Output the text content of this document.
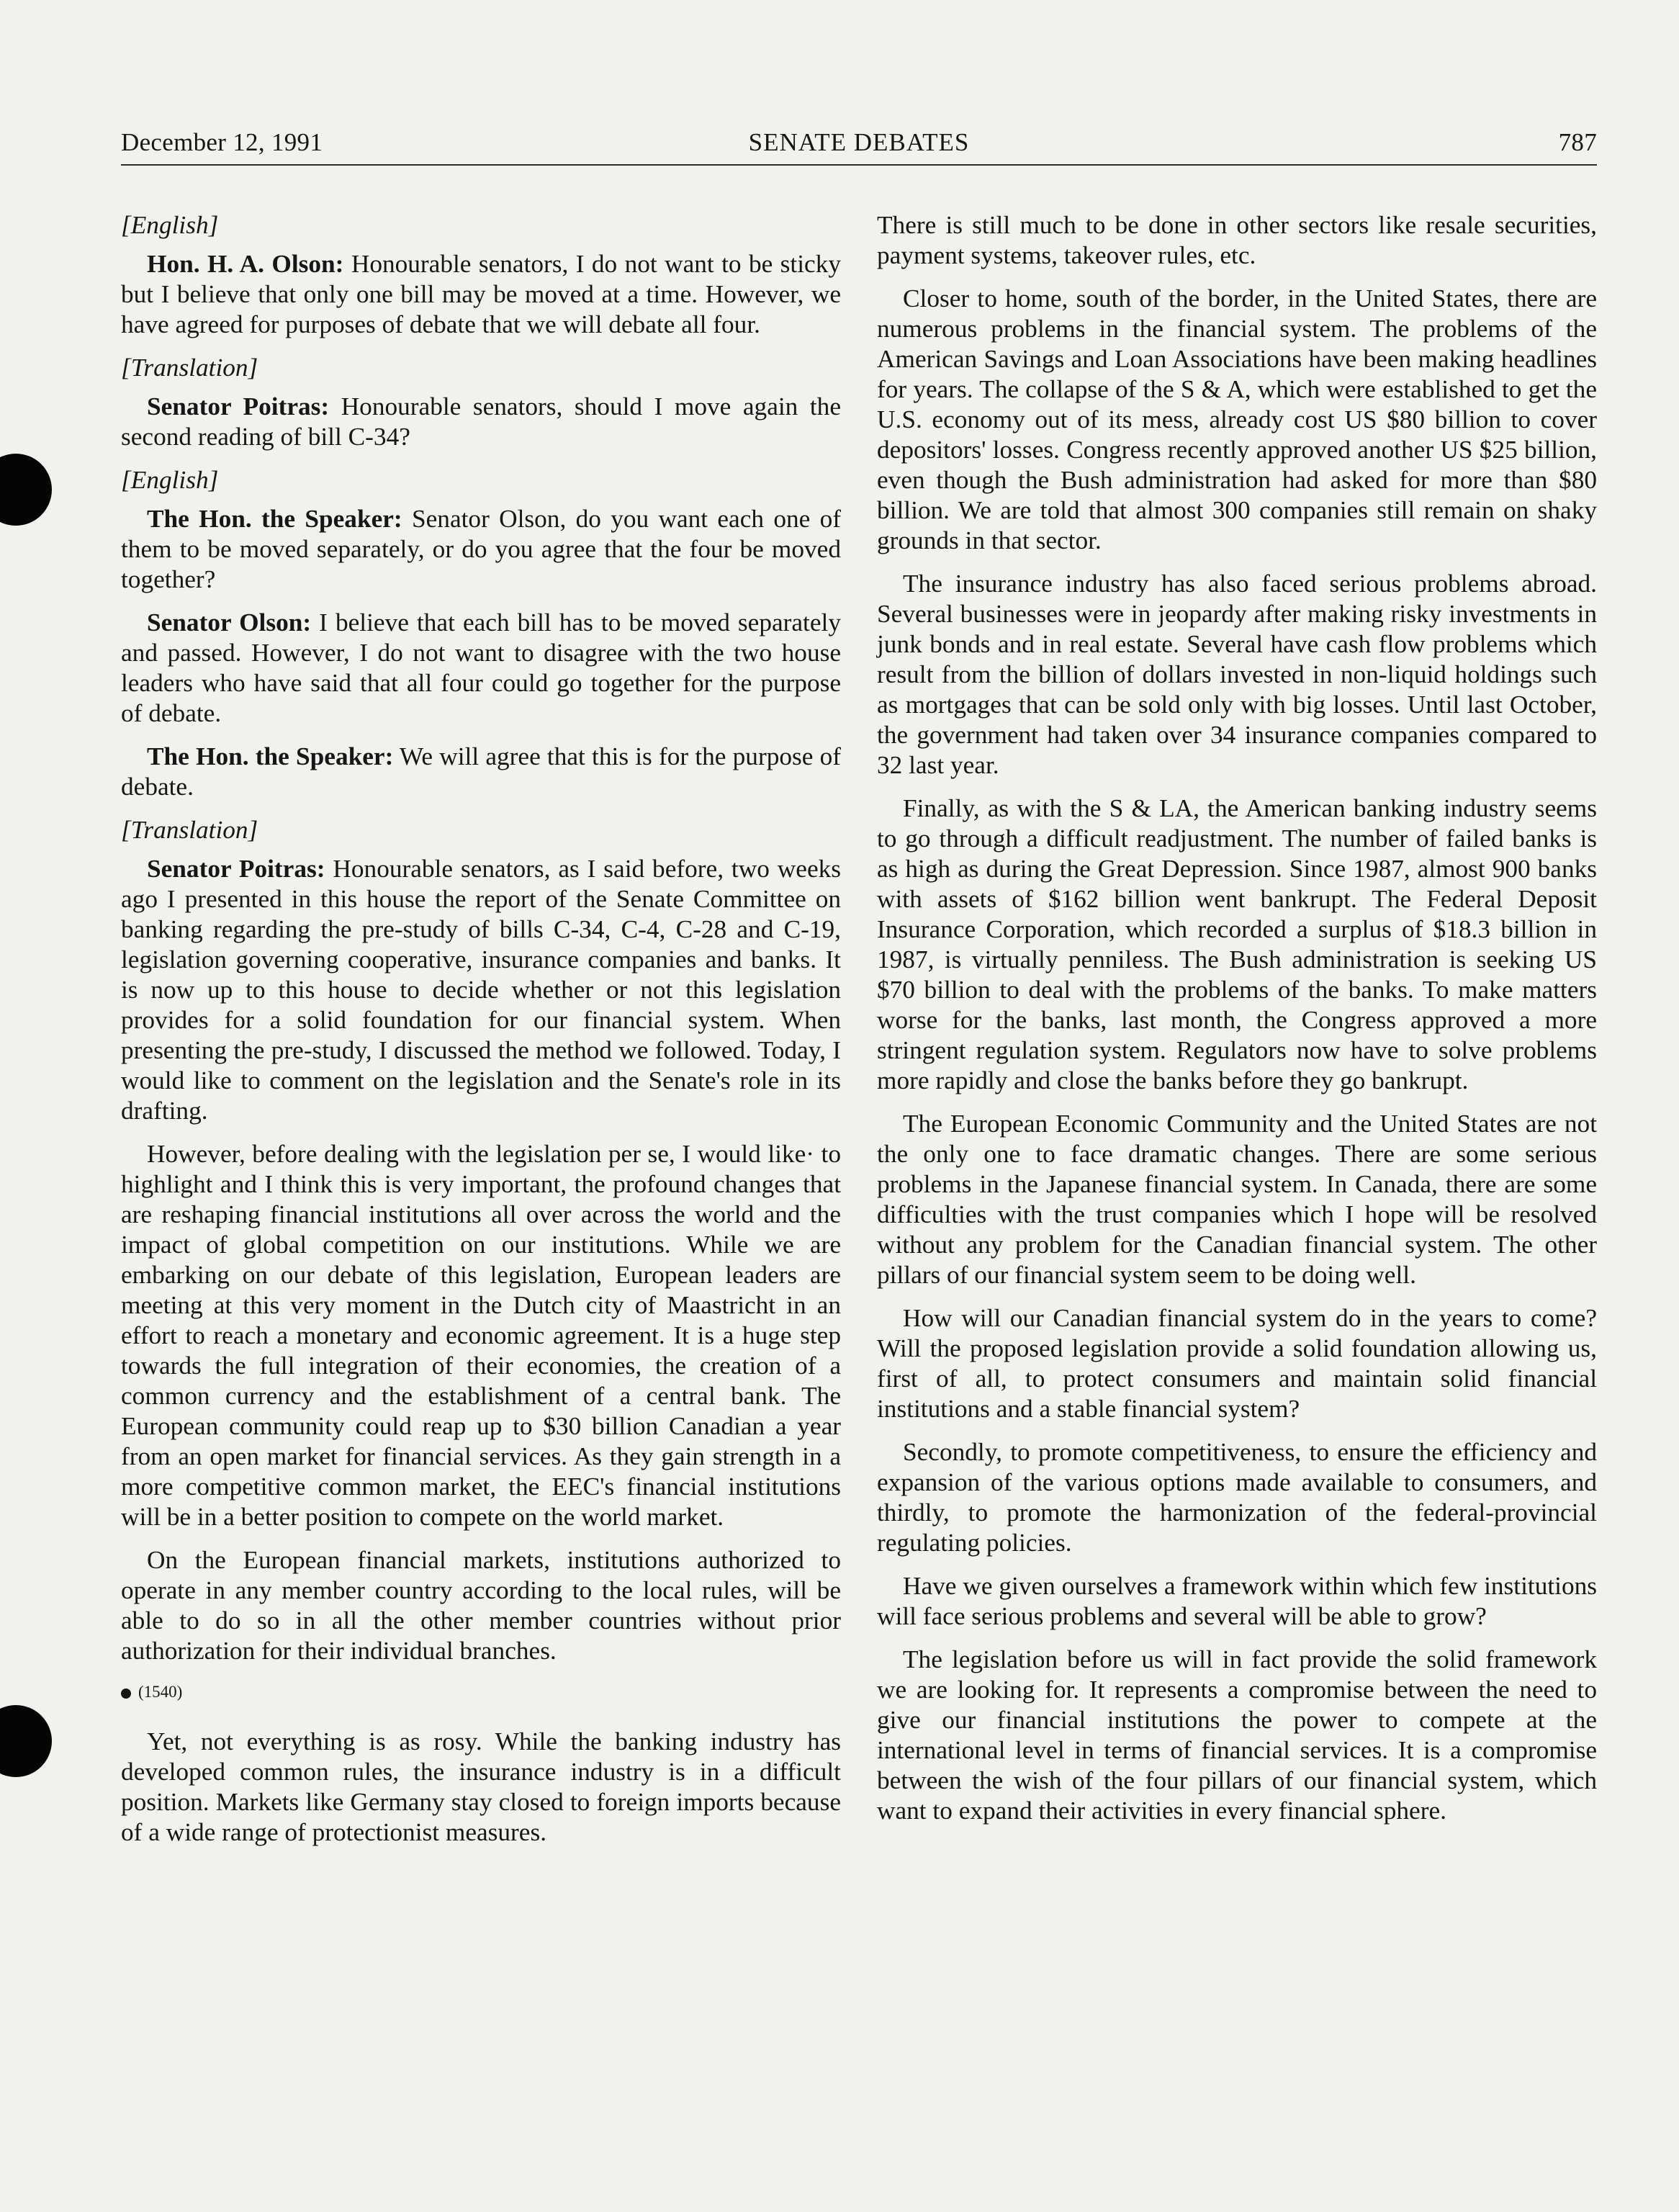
December 12, 1991	SENATE DEBATES	787
[English]

Hon. H. A. Olson: Honourable senators, I do not want to be sticky but I believe that only one bill may be moved at a time. However, we have agreed for purposes of debate that we will debate all four.

[Translation]

Senator Poitras: Honourable senators, should I move again the second reading of bill C-34?

[English]

The Hon. the Speaker: Senator Olson, do you want each one of them to be moved separately, or do you agree that the four be moved together?

Senator Olson: I believe that each bill has to be moved separately and passed. However, I do not want to disagree with the two house leaders who have said that all four could go together for the purpose of debate.

The Hon. the Speaker: We will agree that this is for the purpose of debate.

[Translation]

Senator Poitras: Honourable senators, as I said before, two weeks ago I presented in this house the report of the Senate Committee on banking regarding the pre-study of bills C-34, C-4, C-28 and C-19, legislation governing cooperative, insurance companies and banks. It is now up to this house to decide whether or not this legislation provides for a solid foundation for our financial system. When presenting the pre-study, I discussed the method we followed. Today, I would like to comment on the legislation and the Senate's role in its drafting.

However, before dealing with the legislation per se, I would like· to highlight and I think this is very important, the profound changes that are reshaping financial institutions all over across the world and the impact of global competition on our institutions. While we are embarking on our debate of this legislation, European leaders are meeting at this very moment in the Dutch city of Maastricht in an effort to reach a monetary and economic agreement. It is a huge step towards the full integration of their economies, the creation of a common currency and the establishment of a central bank. The European community could reap up to $30 billion Canadian a year from an open market for financial services. As they gain strength in a more competitive common market, the EEC's financial institutions will be in a better position to compete on the world market.

On the European financial markets, institutions authorized to operate in any member country according to the local rules, will be able to do so in all the other member countries without prior authorization for their individual branches.

(1540)

Yet, not everything is as rosy. While the banking industry has developed common rules, the insurance industry is in a difficult position. Markets like Germany stay closed to foreign imports because of a wide range of protectionist measures.

There is still much to be done in other sectors like resale securities, payment systems, takeover rules, etc.

Closer to home, south of the border, in the United States, there are numerous problems in the financial system. The problems of the American Savings and Loan Associations have been making headlines for years. The collapse of the S & A, which were established to get the U.S. economy out of its mess, already cost US $80 billion to cover depositors' losses. Congress recently approved another US $25 billion, even though the Bush administration had asked for more than $80 billion. We are told that almost 300 companies still remain on shaky grounds in that sector.

The insurance industry has also faced serious problems abroad. Several businesses were in jeopardy after making risky investments in junk bonds and in real estate. Several have cash flow problems which result from the billion of dollars invested in non-liquid holdings such as mortgages that can be sold only with big losses. Until last October, the government had taken over 34 insurance companies compared to 32 last year.

Finally, as with the S & LA, the American banking industry seems to go through a difficult readjustment. The number of failed banks is as high as during the Great Depression. Since 1987, almost 900 banks with assets of $162 billion went bankrupt. The Federal Deposit Insurance Corporation, which recorded a surplus of $18.3 billion in 1987, is virtually penniless. The Bush administration is seeking US $70 billion to deal with the problems of the banks. To make matters worse for the banks, last month, the Congress approved a more stringent regulation system. Regulators now have to solve problems more rapidly and close the banks before they go bankrupt.

The European Economic Community and the United States are not the only one to face dramatic changes. There are some serious problems in the Japanese financial system. In Canada, there are some difficulties with the trust companies which I hope will be resolved without any problem for the Canadian financial system. The other pillars of our financial system seem to be doing well.

How will our Canadian financial system do in the years to come? Will the proposed legislation provide a solid foundation allowing us, first of all, to protect consumers and maintain solid financial institutions and a stable financial system?

Secondly, to promote competitiveness, to ensure the efficiency and expansion of the various options made available to consumers, and thirdly, to promote the harmonization of the federal-provincial regulating policies.

Have we given ourselves a framework within which few institutions will face serious problems and several will be able to grow?

The legislation before us will in fact provide the solid framework we are looking for. It represents a compromise between the need to give our financial institutions the power to compete at the international level in terms of financial services. It is a compromise between the wish of the four pillars of our financial system, which want to expand their activities in every financial sphere.
